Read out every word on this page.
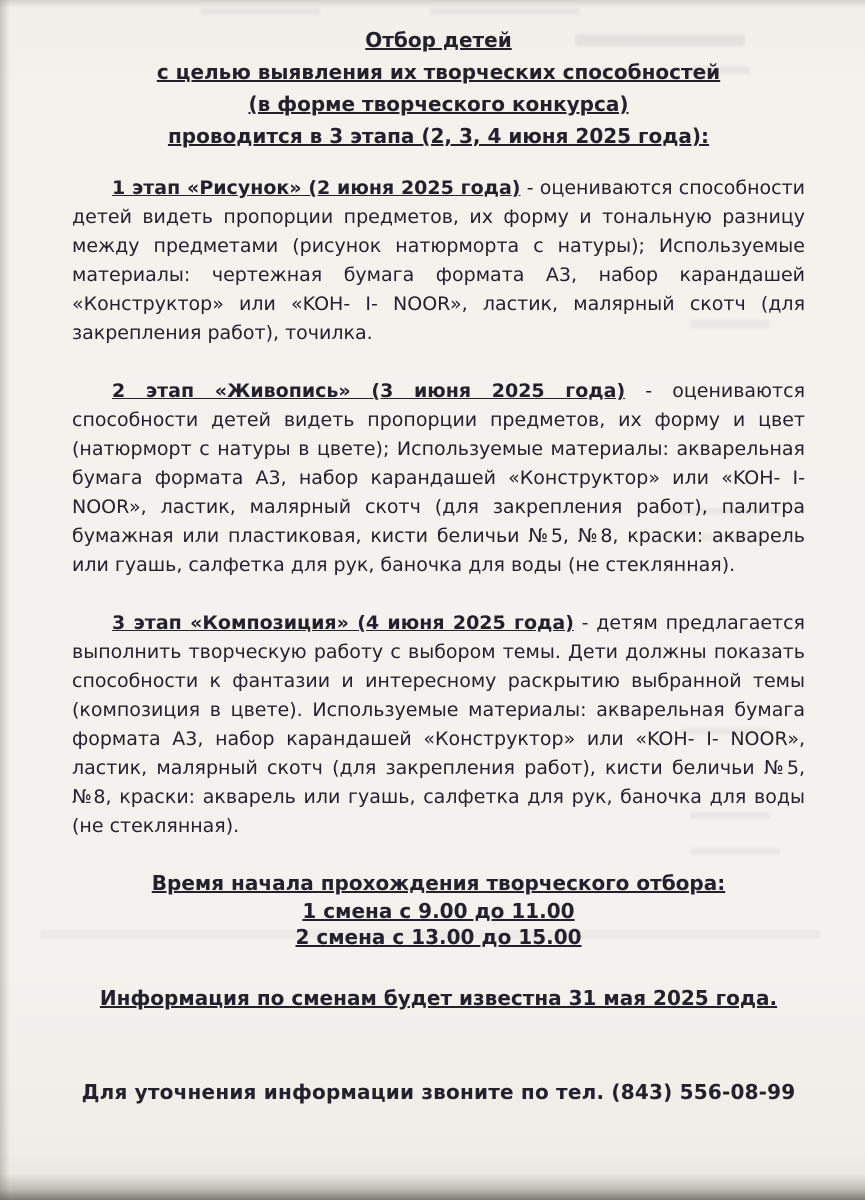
Отбор детей
с целью выявления их творческих способностей
(в форме творческого конкурса)
проводится в 3 этапа (2, 3, 4 июня 2025 года):

1 этап «Рисунок» (2 июня 2025 года) - оцениваются способности детей видеть пропорции предметов, их форму и тональную разницу между предметами (рисунок натюрморта с натуры); Используемые материалы: чертежная бумага формата А3, набор карандашей «Конструктор» или «KOH- I- NOOR», ластик, малярный скотч (для закрепления работ), точилка.

2 этап «Живопись» (3 июня 2025 года) - оцениваются способности детей видеть пропорции предметов, их форму и цвет (натюрморт с натуры в цвете); Используемые материалы: акварельная бумага формата А3, набор карандашей «Конструктор» или «KOH- I- NOOR», ластик, малярный скотч (для закрепления работ), палитра бумажная или пластиковая, кисти беличьи №5, №8, краски: акварель или гуашь, салфетка для рук, баночка для воды (не стеклянная).

3 этап «Композиция» (4 июня 2025 года) - детям предлагается выполнить творческую работу с выбором темы. Дети должны показать способности к фантазии и интересному раскрытию выбранной темы (композиция в цвете). Используемые материалы: акварельная бумага формата А3, набор карандашей «Конструктор» или «KOH- I- NOOR», ластик, малярный скотч (для закрепления работ), кисти беличьи №5, №8, краски: акварель или гуашь, салфетка для рук, баночка для воды (не стеклянная).

Время начала прохождения творческого отбора:
1 смена с 9.00 до 11.00
2 смена с 13.00 до 15.00
Информация по сменам будет известна 31 мая 2025 года.
Для уточнения информации звоните по тел. (843) 556-08-99
